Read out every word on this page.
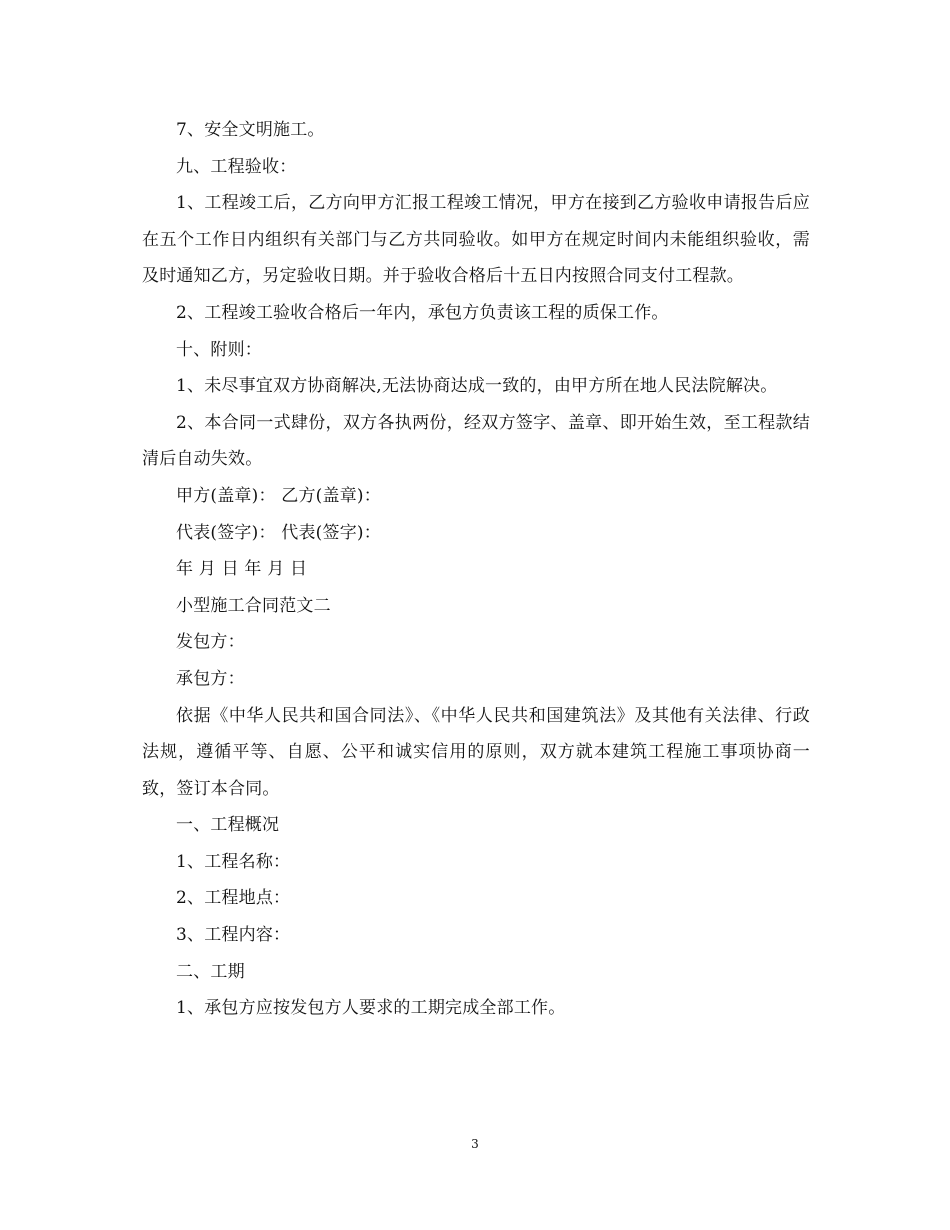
7、安全文明施工。

九、工程验收：

1、工程竣工后，乙方向甲方汇报工程竣工情况，甲方在接到乙方验收申请报告后应在五个工作日内组织有关部门与乙方共同验收。如甲方在规定时间内未能组织验收，需及时通知乙方，另定验收日期。并于验收合格后十五日内按照合同支付工程款。

2、工程竣工验收合格后一年内，承包方负责该工程的质保工作。

十、附则：

1、未尽事宜双方协商解决,无法协商达成一致的，由甲方所在地人民法院解决。

2、本合同一式肆份，双方各执两份，经双方签字、盖章、即开始生效，至工程款结清后自动失效。

甲方(盖章)： 乙方(盖章)：

代表(签字)： 代表(签字)：

年 月 日 年 月 日

小型施工合同范文二

发包方：

承包方：

依据《中华人民共和国合同法》、《中华人民共和国建筑法》及其他有关法律、行政法规，遵循平等、自愿、公平和诚实信用的原则，双方就本建筑工程施工事项协商一致，签订本合同。

一、工程概况

1、工程名称：

2、工程地点：

3、工程内容：

二、工期

1、承包方应按发包方人要求的工期完成全部工作。

3
